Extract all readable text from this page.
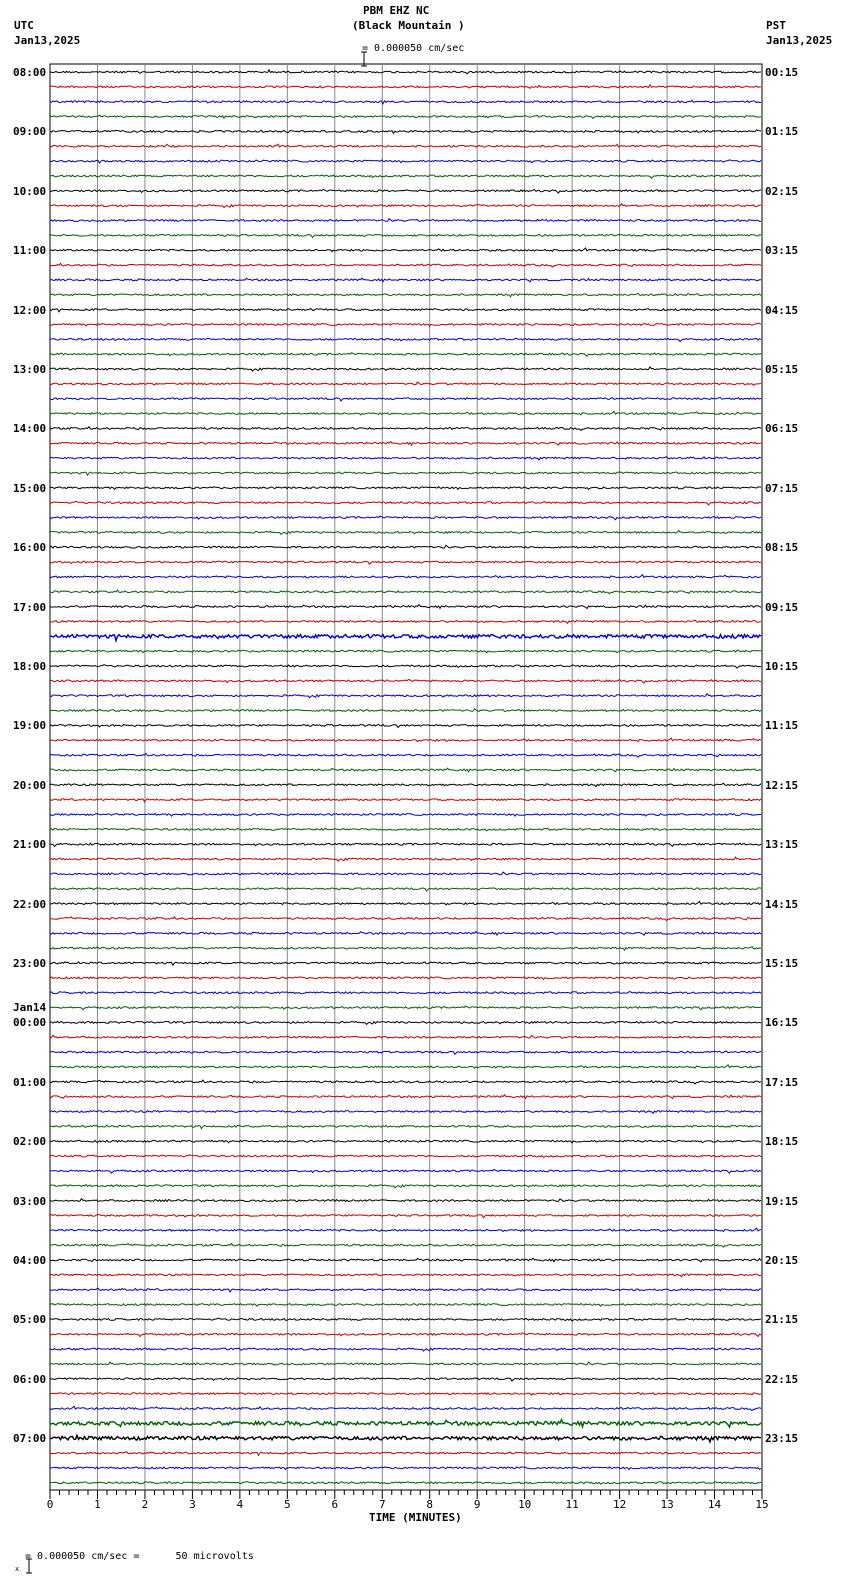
PBM EHZ NC
(Black Mountain )

= 0.000050 cm/sec
UTC
Jan13,2025
PST
Jan13,2025
08:00
09:00
10:00
11:00
12:00
13:00
14:00
15:00
16:00
17:00
18:00
19:00
20:00
21:00
22:00
23:00
00:00
Jan14
01:00
02:00
03:00
04:00
05:00
06:00
07:00
00:15
01:15
02:15
03:15
04:15
05:15
06:15
07:15
08:15
09:15
10:15
11:15
12:15
13:15
14:15
15:15
16:15
17:15
18:15
19:15
20:15
21:15
22:15
23:15
0	1	2	3	4	5	6	7	8	9	10	11	12	13	14	15
TIME (MINUTES)

x

= 0.000050 cm/sec =      50 microvolts
